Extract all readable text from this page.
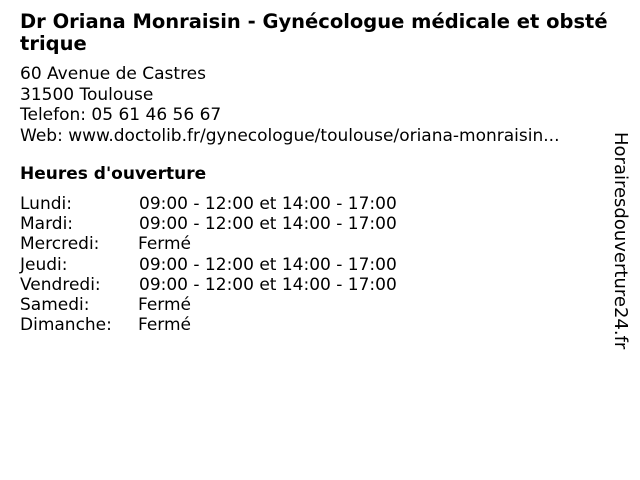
Dr Oriana Monraisin - Gynécologue médicale et obstétrique
60 Avenue de Castres
31500 Toulouse
Telefon: 05 61 46 56 67
Web: www.doctolib.fr/gynecologue/toulouse/oriana-monraisin...
Heures d'ouverture
Lundi:	09:00 - 12:00 et 14:00 - 17:00
Mardi:	09:00 - 12:00 et 14:00 - 17:00
Mercredi: Fermé
Jeudi:	09:00 - 12:00 et 14:00 - 17:00
Vendredi: 09:00 - 12:00 et 14:00 - 17:00
Samedi:	Fermé
Dimanche: Fermé	Horairesdouverture24.fr
